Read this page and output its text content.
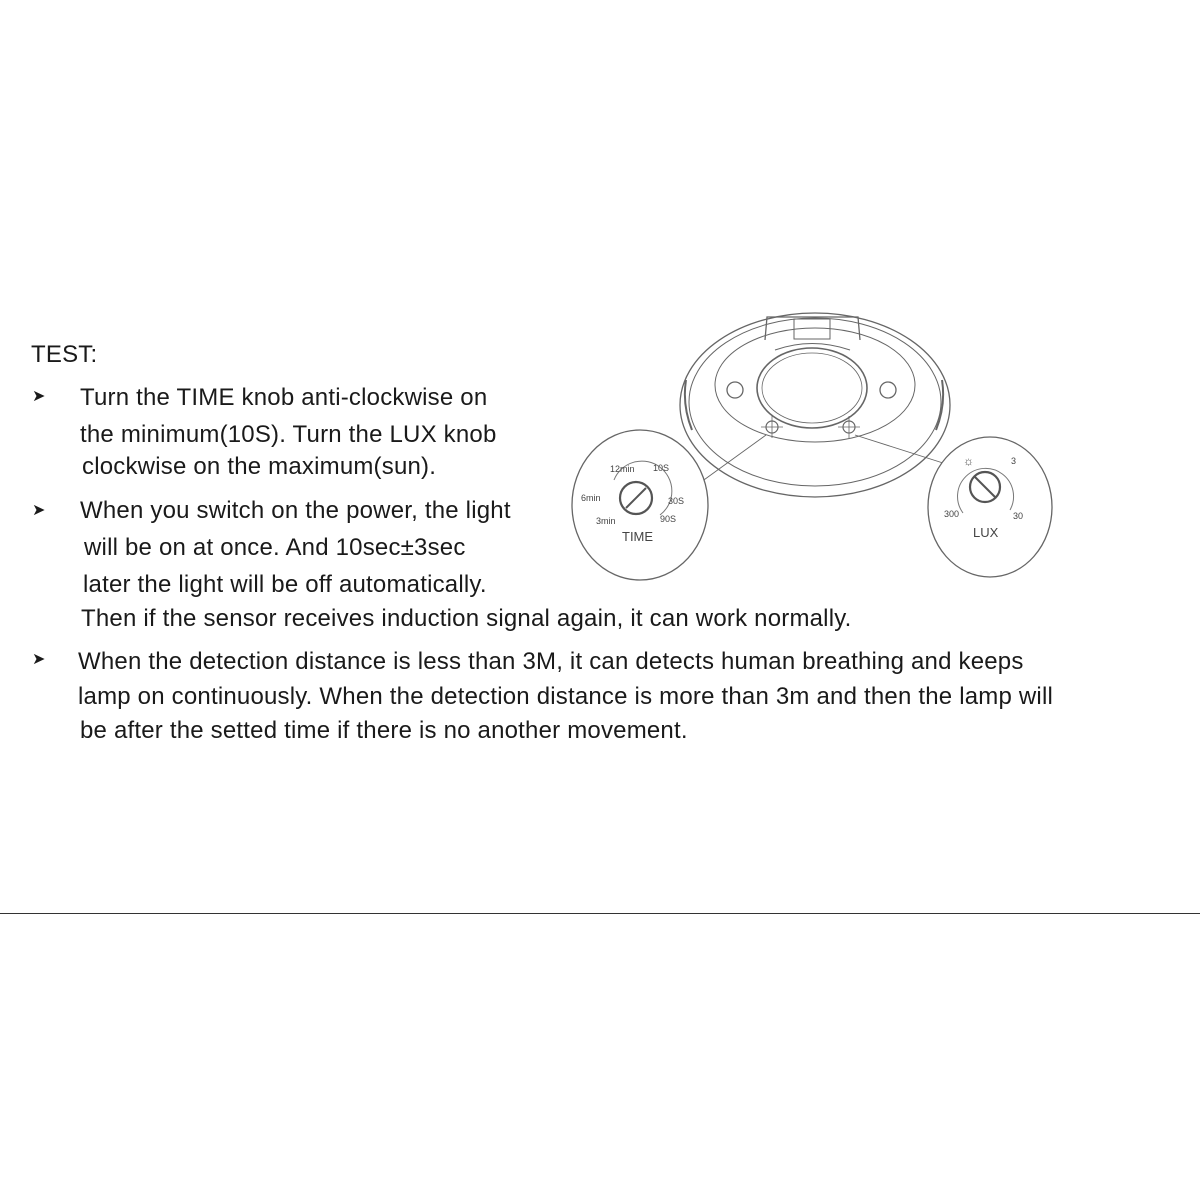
TEST:
➤ Turn the TIME knob anti-clockwise on
the minimum(10S). Turn the LUX knob
clockwise on the maximum(sun).
➤ When you switch on the power, the light
will be on at once. And 10sec±3sec
later the light will be off automatically.
Then if the sensor receives induction signal again, it can work normally.
➤ When the detection distance is less than 3M, it can detects human breathing and keeps
lamp on continuously. When the detection distance is more than 3m and then the lamp will
be after the setted time if there is no another movement.
12min 10S
6min	30S
3min	90S
TIME
☼	3
300	30
LUX
